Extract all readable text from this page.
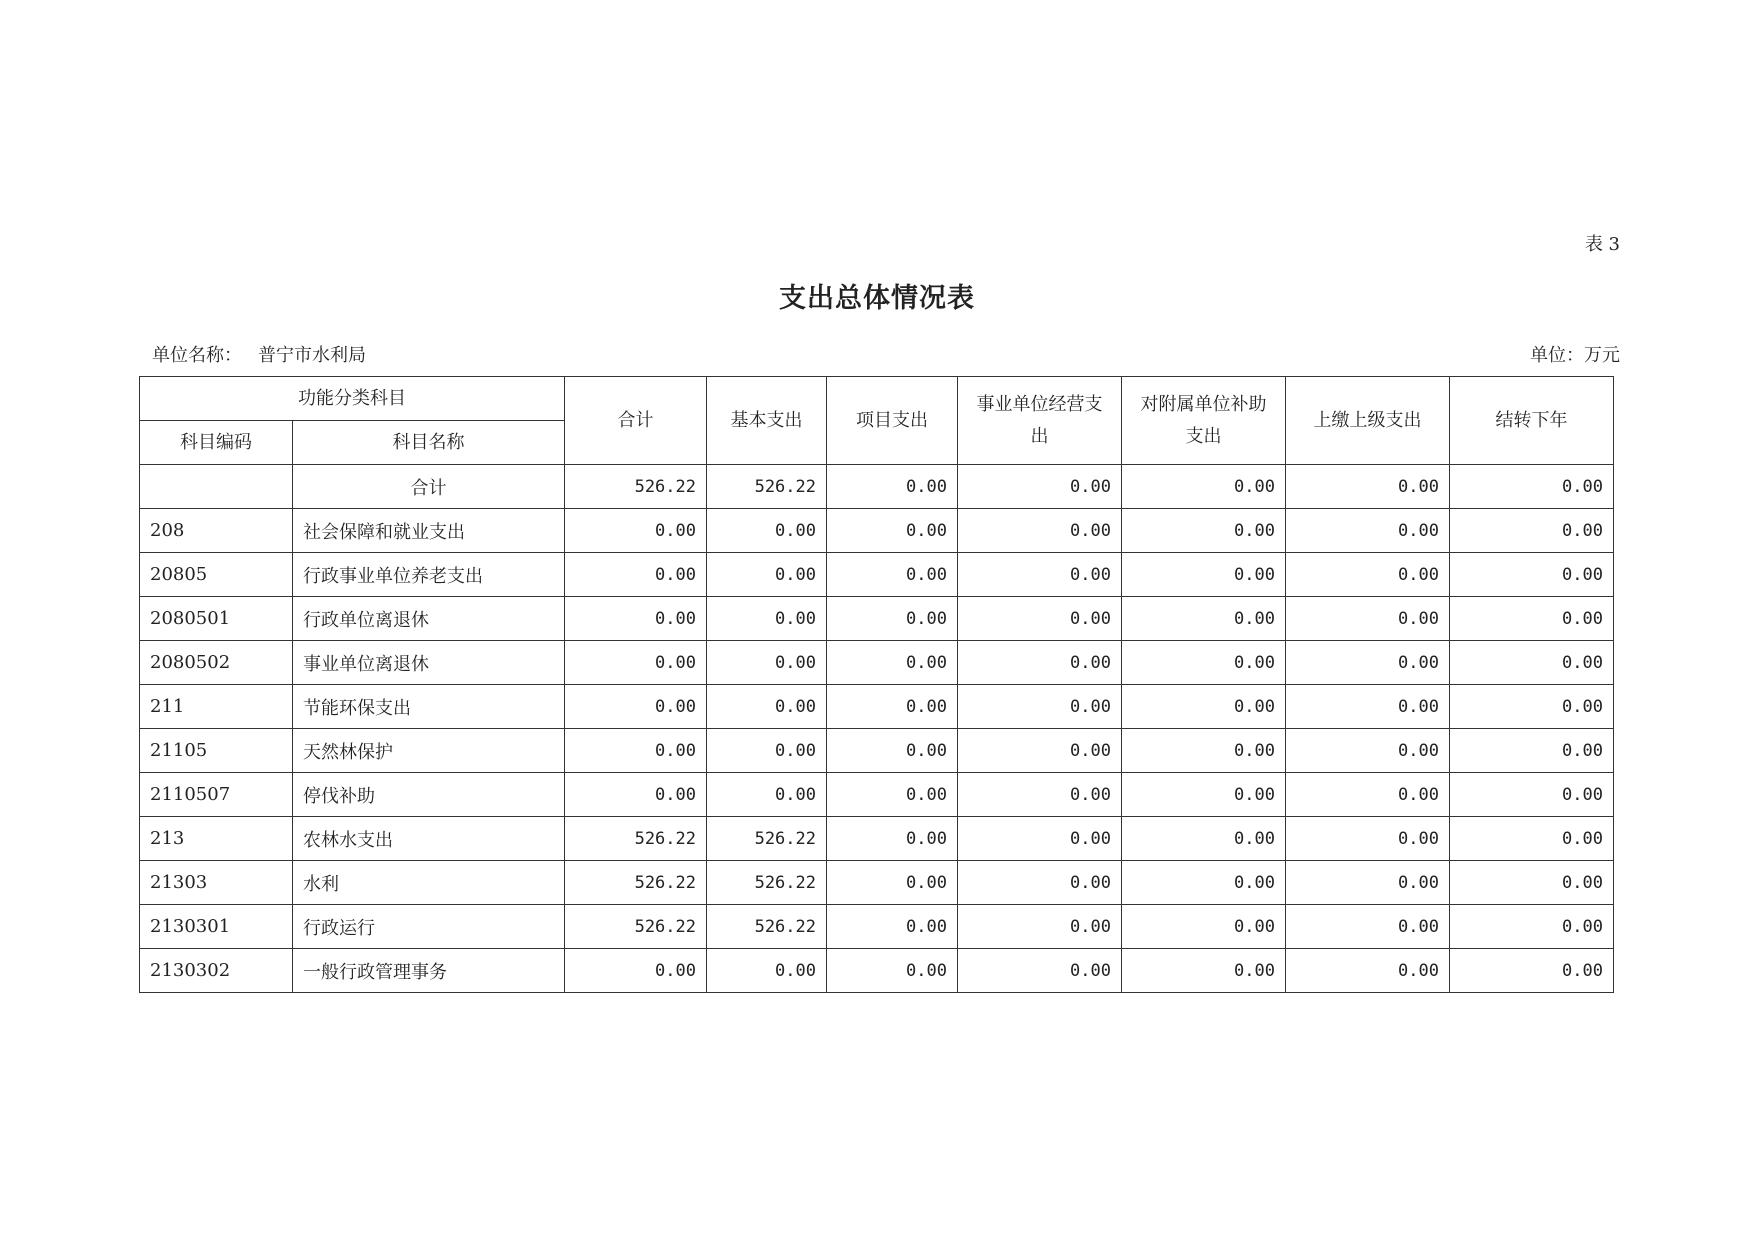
表 3
支出总体情况表
单位名称： 普宁市水利局	单位：万元
功能分类科目		合计	基本支出	项目支出	事业单位经营支出	对附属单位补助支出	上缴上级支出	结转下年
科目编码	科目名称							
	合计	526.22	526.22	0.00	0.00	0.00	0.00	0.00
208	社会保障和就业支出	0.00	0.00	0.00	0.00	0.00	0.00	0.00
20805	行政事业单位养老支出	0.00	0.00	0.00	0.00	0.00	0.00	0.00
2080501	行政单位离退休	0.00	0.00	0.00	0.00	0.00	0.00	0.00
2080502	事业单位离退休	0.00	0.00	0.00	0.00	0.00	0.00	0.00
211	节能环保支出	0.00	0.00	0.00	0.00	0.00	0.00	0.00
21105	天然林保护	0.00	0.00	0.00	0.00	0.00	0.00	0.00
2110507	停伐补助	0.00	0.00	0.00	0.00	0.00	0.00	0.00
213	农林水支出	526.22	526.22	0.00	0.00	0.00	0.00	0.00
21303	水利	526.22	526.22	0.00	0.00	0.00	0.00	0.00
2130301	行政运行	526.22	526.22	0.00	0.00	0.00	0.00	0.00
2130302	一般行政管理事务	0.00	0.00	0.00	0.00	0.00	0.00	0.00
